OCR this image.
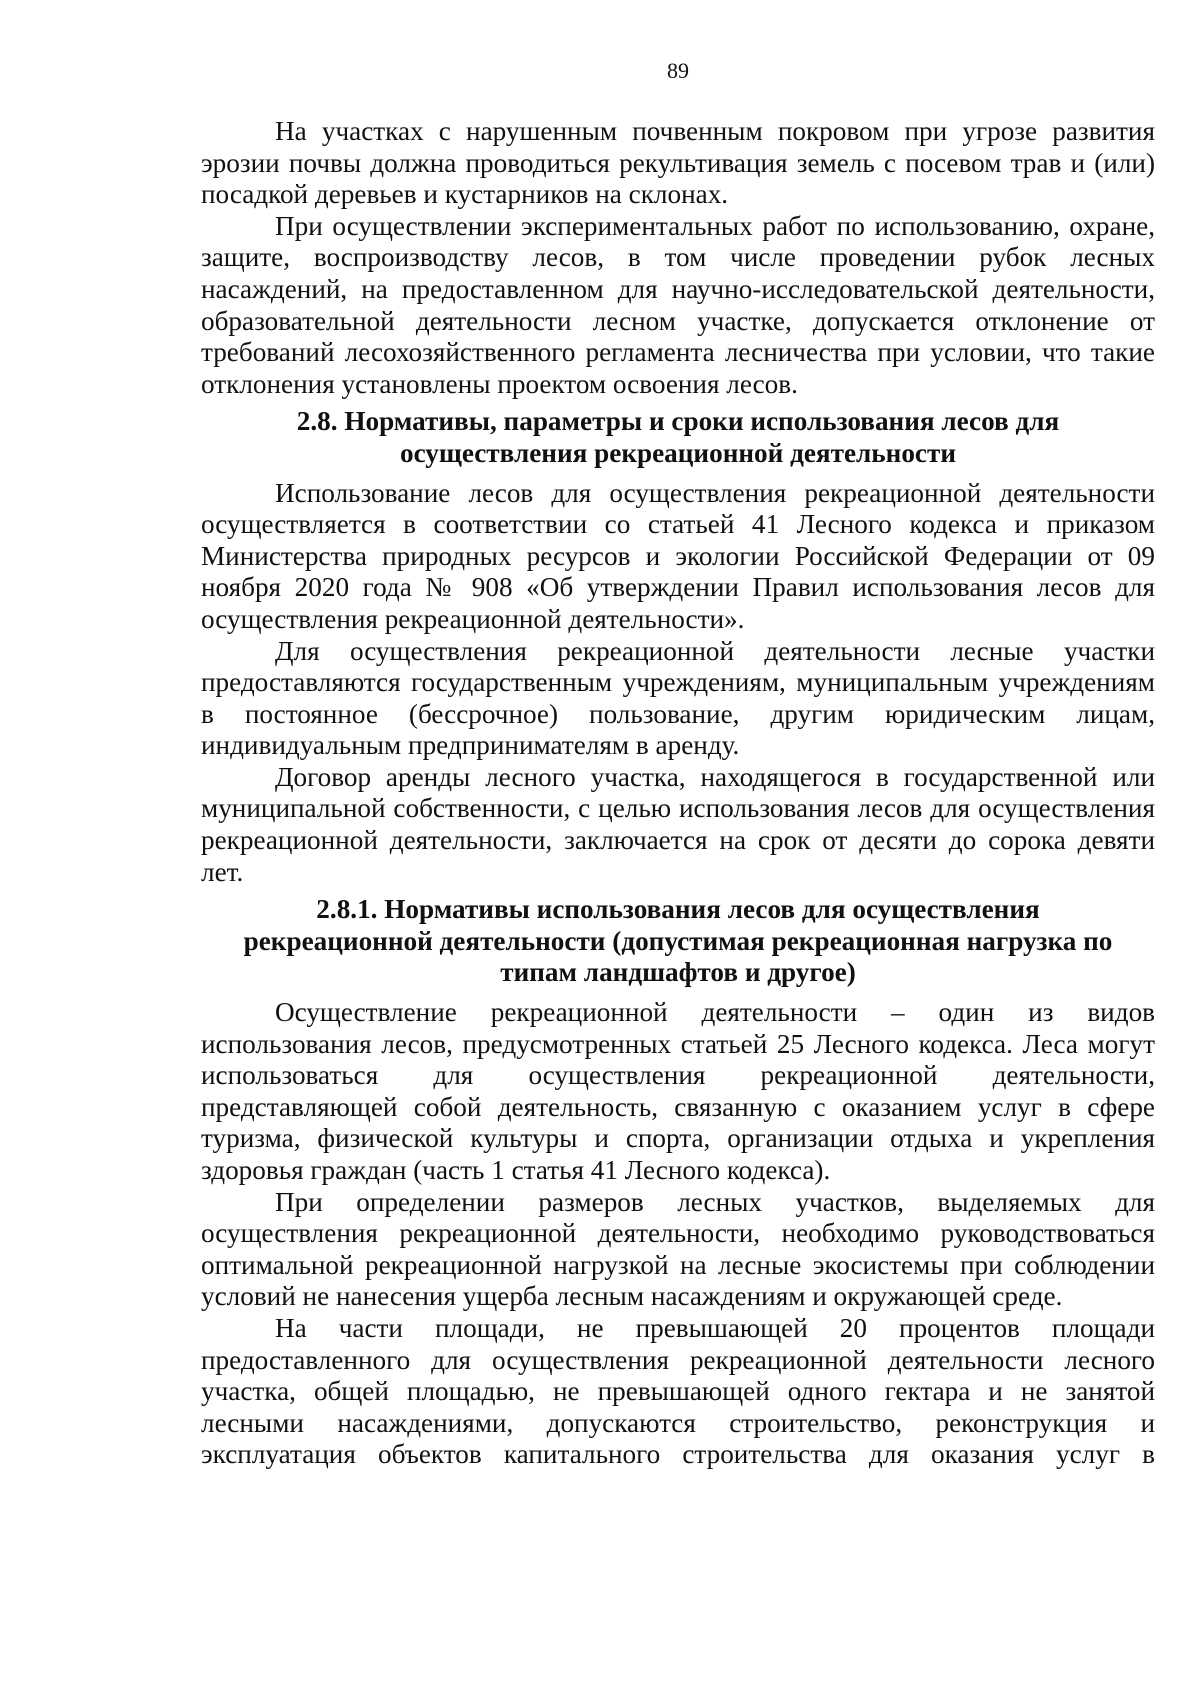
89

На участках с нарушенным почвенным покровом при угрозе развития эрозии почвы должна проводиться рекультивация земель с посевом трав и (или) посадкой деревьев и кустарников на склонах.

При осуществлении экспериментальных работ по использованию, охране, защите, воспроизводству лесов, в том числе проведении рубок лесных насаждений, на предоставленном для научно-исследовательской деятельности, образовательной деятельности лесном участке, допускается отклонение от требований лесохозяйственного регламента лесничества при условии, что такие отклонения установлены проектом освоения лесов.

2.8. Нормативы, параметры и сроки использования лесов для
осуществления рекреационной деятельности

Использование лесов для осуществления рекреационной деятельности осуществляется в соответствии со статьей 41 Лесного кодекса и приказом Министерства природных ресурсов и экологии Российской Федерации от 09 ноября 2020 года № 908 «Об утверждении Правил использования лесов для осуществления рекреационной деятельности».

Для осуществления рекреационной деятельности лесные участки предоставляются государственным учреждениям, муниципальным учреждениям в постоянное (бессрочное) пользование, другим юридическим лицам, индивидуальным предпринимателям в аренду.

Договор аренды лесного участка, находящегося в государственной или муниципальной собственности, с целью использования лесов для осуществления рекреационной деятельности, заключается на срок от десяти до сорока девяти лет.

2.8.1. Нормативы использования лесов для осуществления
рекреационной деятельности (допустимая рекреационная нагрузка по
типам ландшафтов и другое)

Осуществление рекреационной деятельности – один из видов использования лесов, предусмотренных статьей 25 Лесного кодекса. Леса могут использоваться для осуществления рекреационной деятельности, представляющей собой деятельность, связанную с оказанием услуг в сфере туризма, физической культуры и спорта, организации отдыха и укрепления здоровья граждан (часть 1 статья 41 Лесного кодекса).

При определении размеров лесных участков, выделяемых для осуществления рекреационной деятельности, необходимо руководствоваться оптимальной рекреационной нагрузкой на лесные экосистемы при соблюдении условий не нанесения ущерба лесным насаждениям и окружающей среде.

На части площади, не превышающей 20 процентов площади предоставленного для осуществления рекреационной деятельности лесного участка, общей площадью, не превышающей одного гектара и не занятой лесными насаждениями, допускаются строительство, реконструкция и эксплуатация объектов капитального строительства для оказания услуг в
